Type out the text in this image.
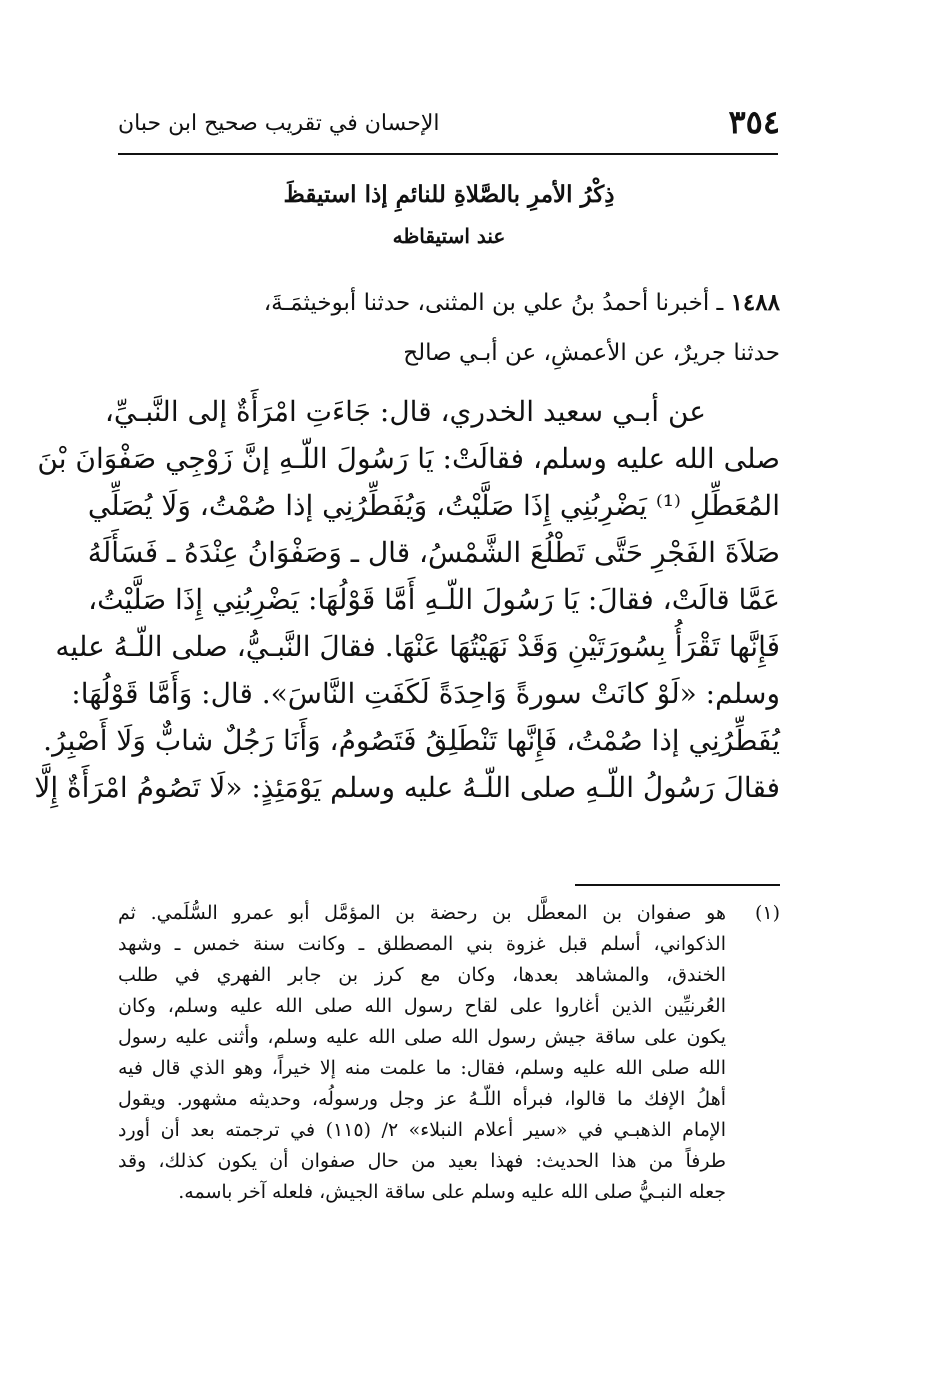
٣٥٤
الإحسان في تقريب صحيح ابن حبان
ذِكْرُ الأمرِ بالصَّلاةِ للنائمِ إذا استيقظَ
عند استيقاظه
١٤٨٨ ـ أخبرنا أحمدُ بنُ علي بن المثنى، حدثنا أبوخيثمَـةَ،
حدثنا جريرٌ، عن الأعمشِ، عن أبـي صالح
عن أبـي سعيد الخدري، قال: جَاءَتِ امْرَأَةٌ إلى النَّبـيِّ،
صلى الله عليه وسلم، فقالَتْ: يَا رَسُولَ اللّـهِ إنَّ زَوْجِي صَفْوَانَ بْنَ
المُعَطِّلِ ⁽¹⁾ يَضْرِبُنِي إِذَا صَلَّيْتُ، وَيُفَطِّرُنِي إذا صُمْتُ، وَلَا يُصَلِّي
صَلاَةَ الفَجْرِ حَتَّى تَطْلُعَ الشَّمْسُ، قال ـ وَصَفْوَانُ عِنْدَهُ ـ فَسَأَلَهُ
عَمَّا قالَتْ، فقالَ: يَا رَسُولَ اللّـهِ أَمَّا قَوْلُهَا: يَضْرِبُنِي إِذَا صَلَّيْتُ،
فَإِنَّها تَقْرَأُ بِسُورَتَيْنِ وَقَدْ نَهَيْتُهَا عَنْهَا. فقالَ النَّبـيُّ، صلى اللّـهُ عليه
وسلم: «لَوْ كانَتْ سورةً وَاحِدَةً لَكَفَتِ النَّاسَ». قال: وَأَمَّا قَوْلُهَا:
يُفَطِّرُنِي إذا صُمْتُ، فَإِنَّها تَنْطَلِقُ فَتَصُومُ، وَأَنَا رَجُلٌ شابٌّ وَلَا أَصْبِرُ.
فقالَ رَسُولُ اللّـهِ صلى اللّـهُ عليه وسلم يَوْمَئِذٍ: «لَا تَصُومُ امْرَأَةٌ إِلَّا
(١)هو صفوان بن المعطَّل بن رحضة بن المؤمَّل أبو عمرو السُّلَمي. ثم
الذكواني، أسلم قبل غزوة بني المصطلق ـ وكانت سنة خمس ـ وشهد
الخندق، والمشاهد بعدها، وكان مع كرز بن جابر الفهري في طلب
العُرنيِّين الذين أغاروا على لقاح رسول الله صلى الله عليه وسلم، وكان
يكون على ساقة جيش رسول الله صلى الله عليه وسلم، وأثنى عليه رسول
الله صلى الله عليه وسلم، فقال: ما علمت منه إلا خيراً، وهو الذي قال فيه
أهلُ الإفك ما قالوا، فبرأه اللّـهُ عز وجل ورسولُه، وحديثه مشهور. ويقول
الإمام الذهبـي في «سير أعلام النبلاء» ٢/ (١١٥) في ترجمته بعد أن أورد
طرفاً من هذا الحديث: فهذا بعيد من حال صفوان أن يكون كذلك، وقد
جعله النبـيُّ صلى الله عليه وسلم على ساقة الجيش، فلعله آخر باسمه.
